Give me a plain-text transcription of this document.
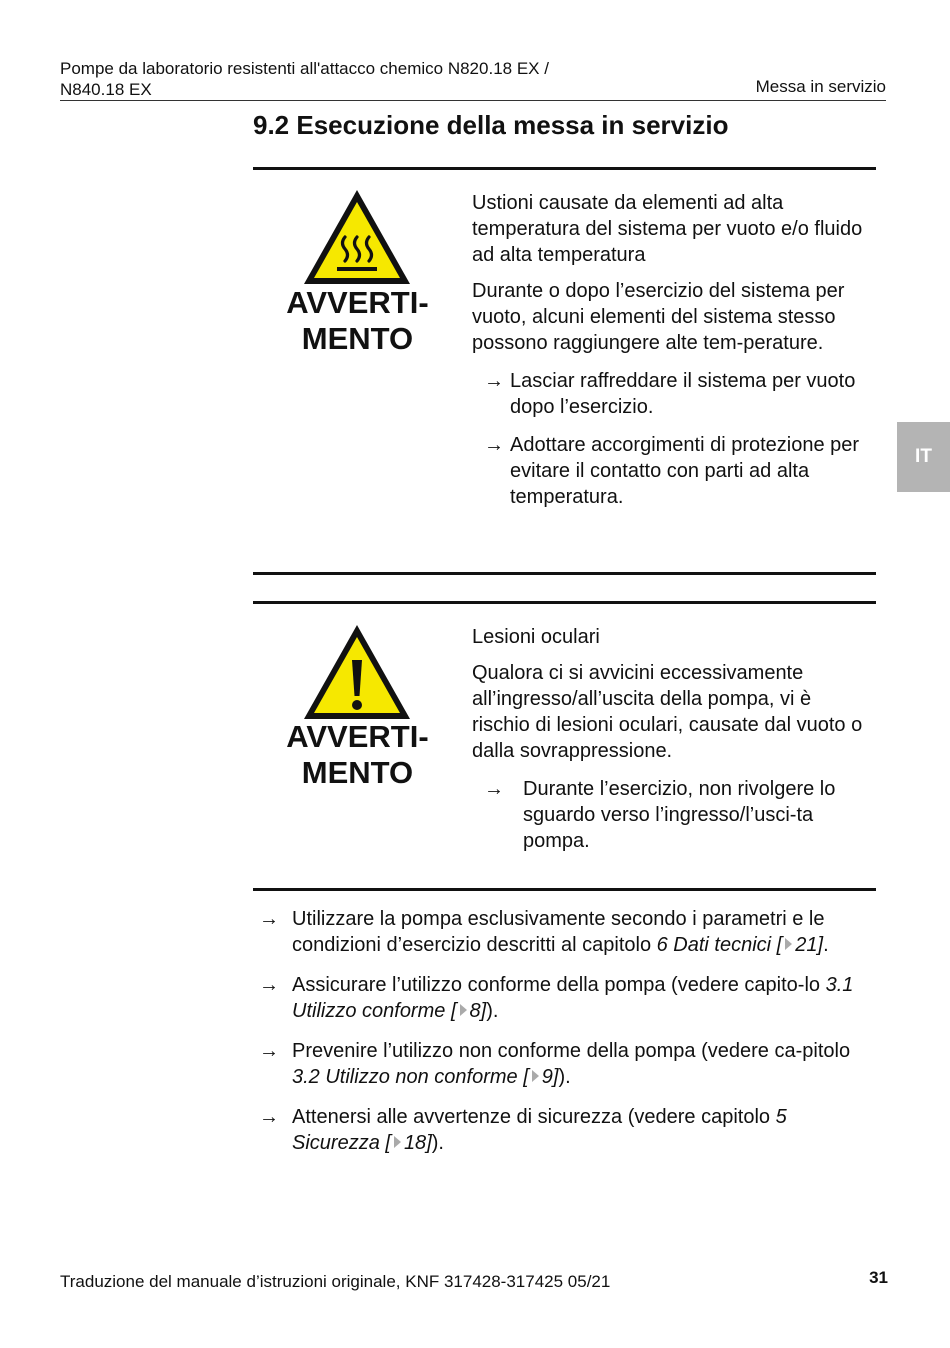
Pompe da laboratorio resistenti all'attacco chemico N820.18 EX /
N840.18 EX	Messa in servizio
9.2 Esecuzione della messa in servizio
AVVERTI-
MENTO

Ustioni causate da elementi ad alta temperatura del sistema per vuoto e/o fluido ad alta temperatura

Durante o dopo l’esercizio del sistema per vuoto, alcuni elementi del sistema stesso possono raggiungere alte tem-perature.

→ Lasciar raffreddare il sistema per vuoto dopo l’esercizio.
→ Adottare accorgimenti di protezione per evitare il contatto con parti ad alta temperatura.
AVVERTI-
MENTO

Lesioni oculari

Qualora ci si avvicini eccessivamente all’ingresso/all’uscita della pompa, vi è rischio di lesioni oculari, causate dal vuoto o dalla sovrappressione.

→ Durante l’esercizio, non rivolgere lo sguardo verso l’ingresso/l’usci-ta pompa.
→ Utilizzare la pompa esclusivamente secondo i parametri e le condizioni d’esercizio descritti al capitolo 6 Dati tecnici [ 21].
→ Assicurare l’utilizzo conforme della pompa (vedere capito-lo 3.1 Utilizzo conforme [ 8]).
→ Prevenire l’utilizzo non conforme della pompa (vedere ca-pitolo 3.2 Utilizzo non conforme [ 9]).
→ Attenersi alle avvertenze di sicurezza (vedere capitolo 5 Sicurezza [ 18]).
IT
Traduzione del manuale d’istruzioni originale, KNF 317428-317425 05/21	31
